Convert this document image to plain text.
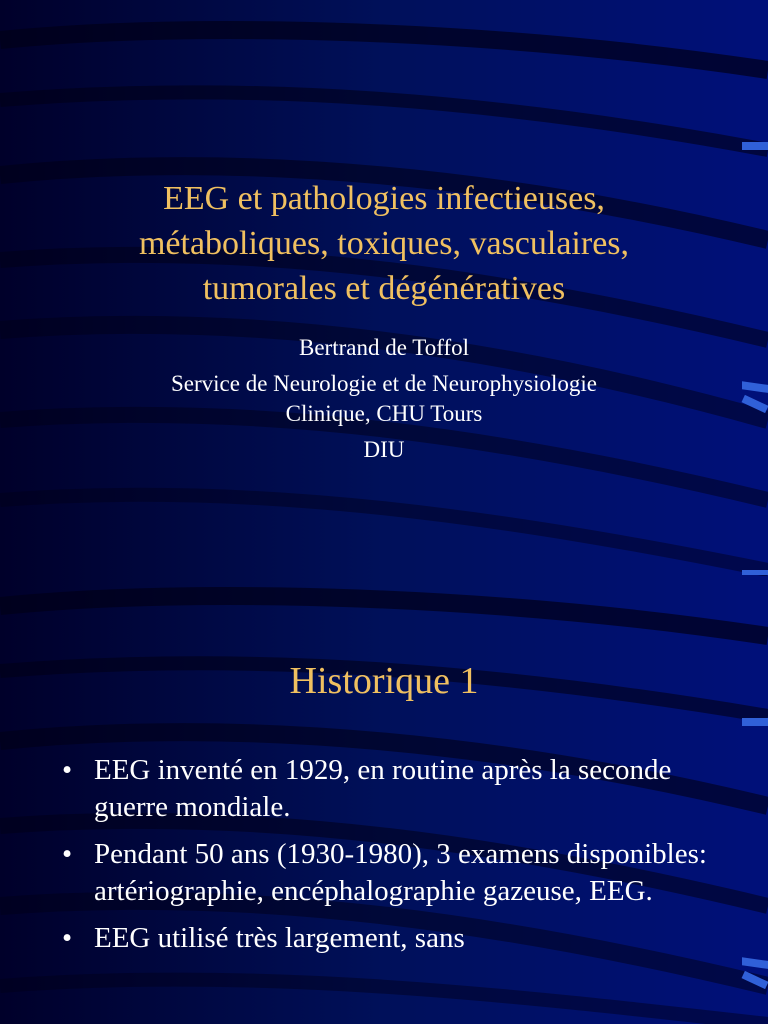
EEG et pathologies infectieuses,
métaboliques, toxiques, vasculaires,
tumorales et dégénératives
Bertrand de Toffol
Service de Neurologie et de Neurophysiologie
Clinique, CHU Tours
DIU
Historique 1
• EEG inventé en 1929, en routine après la seconde guerre mondiale.
• Pendant 50 ans (1930-1980), 3 examens disponibles: artériographie, encéphalographie gazeuse, EEG.
• EEG utilisé très largement, sans
